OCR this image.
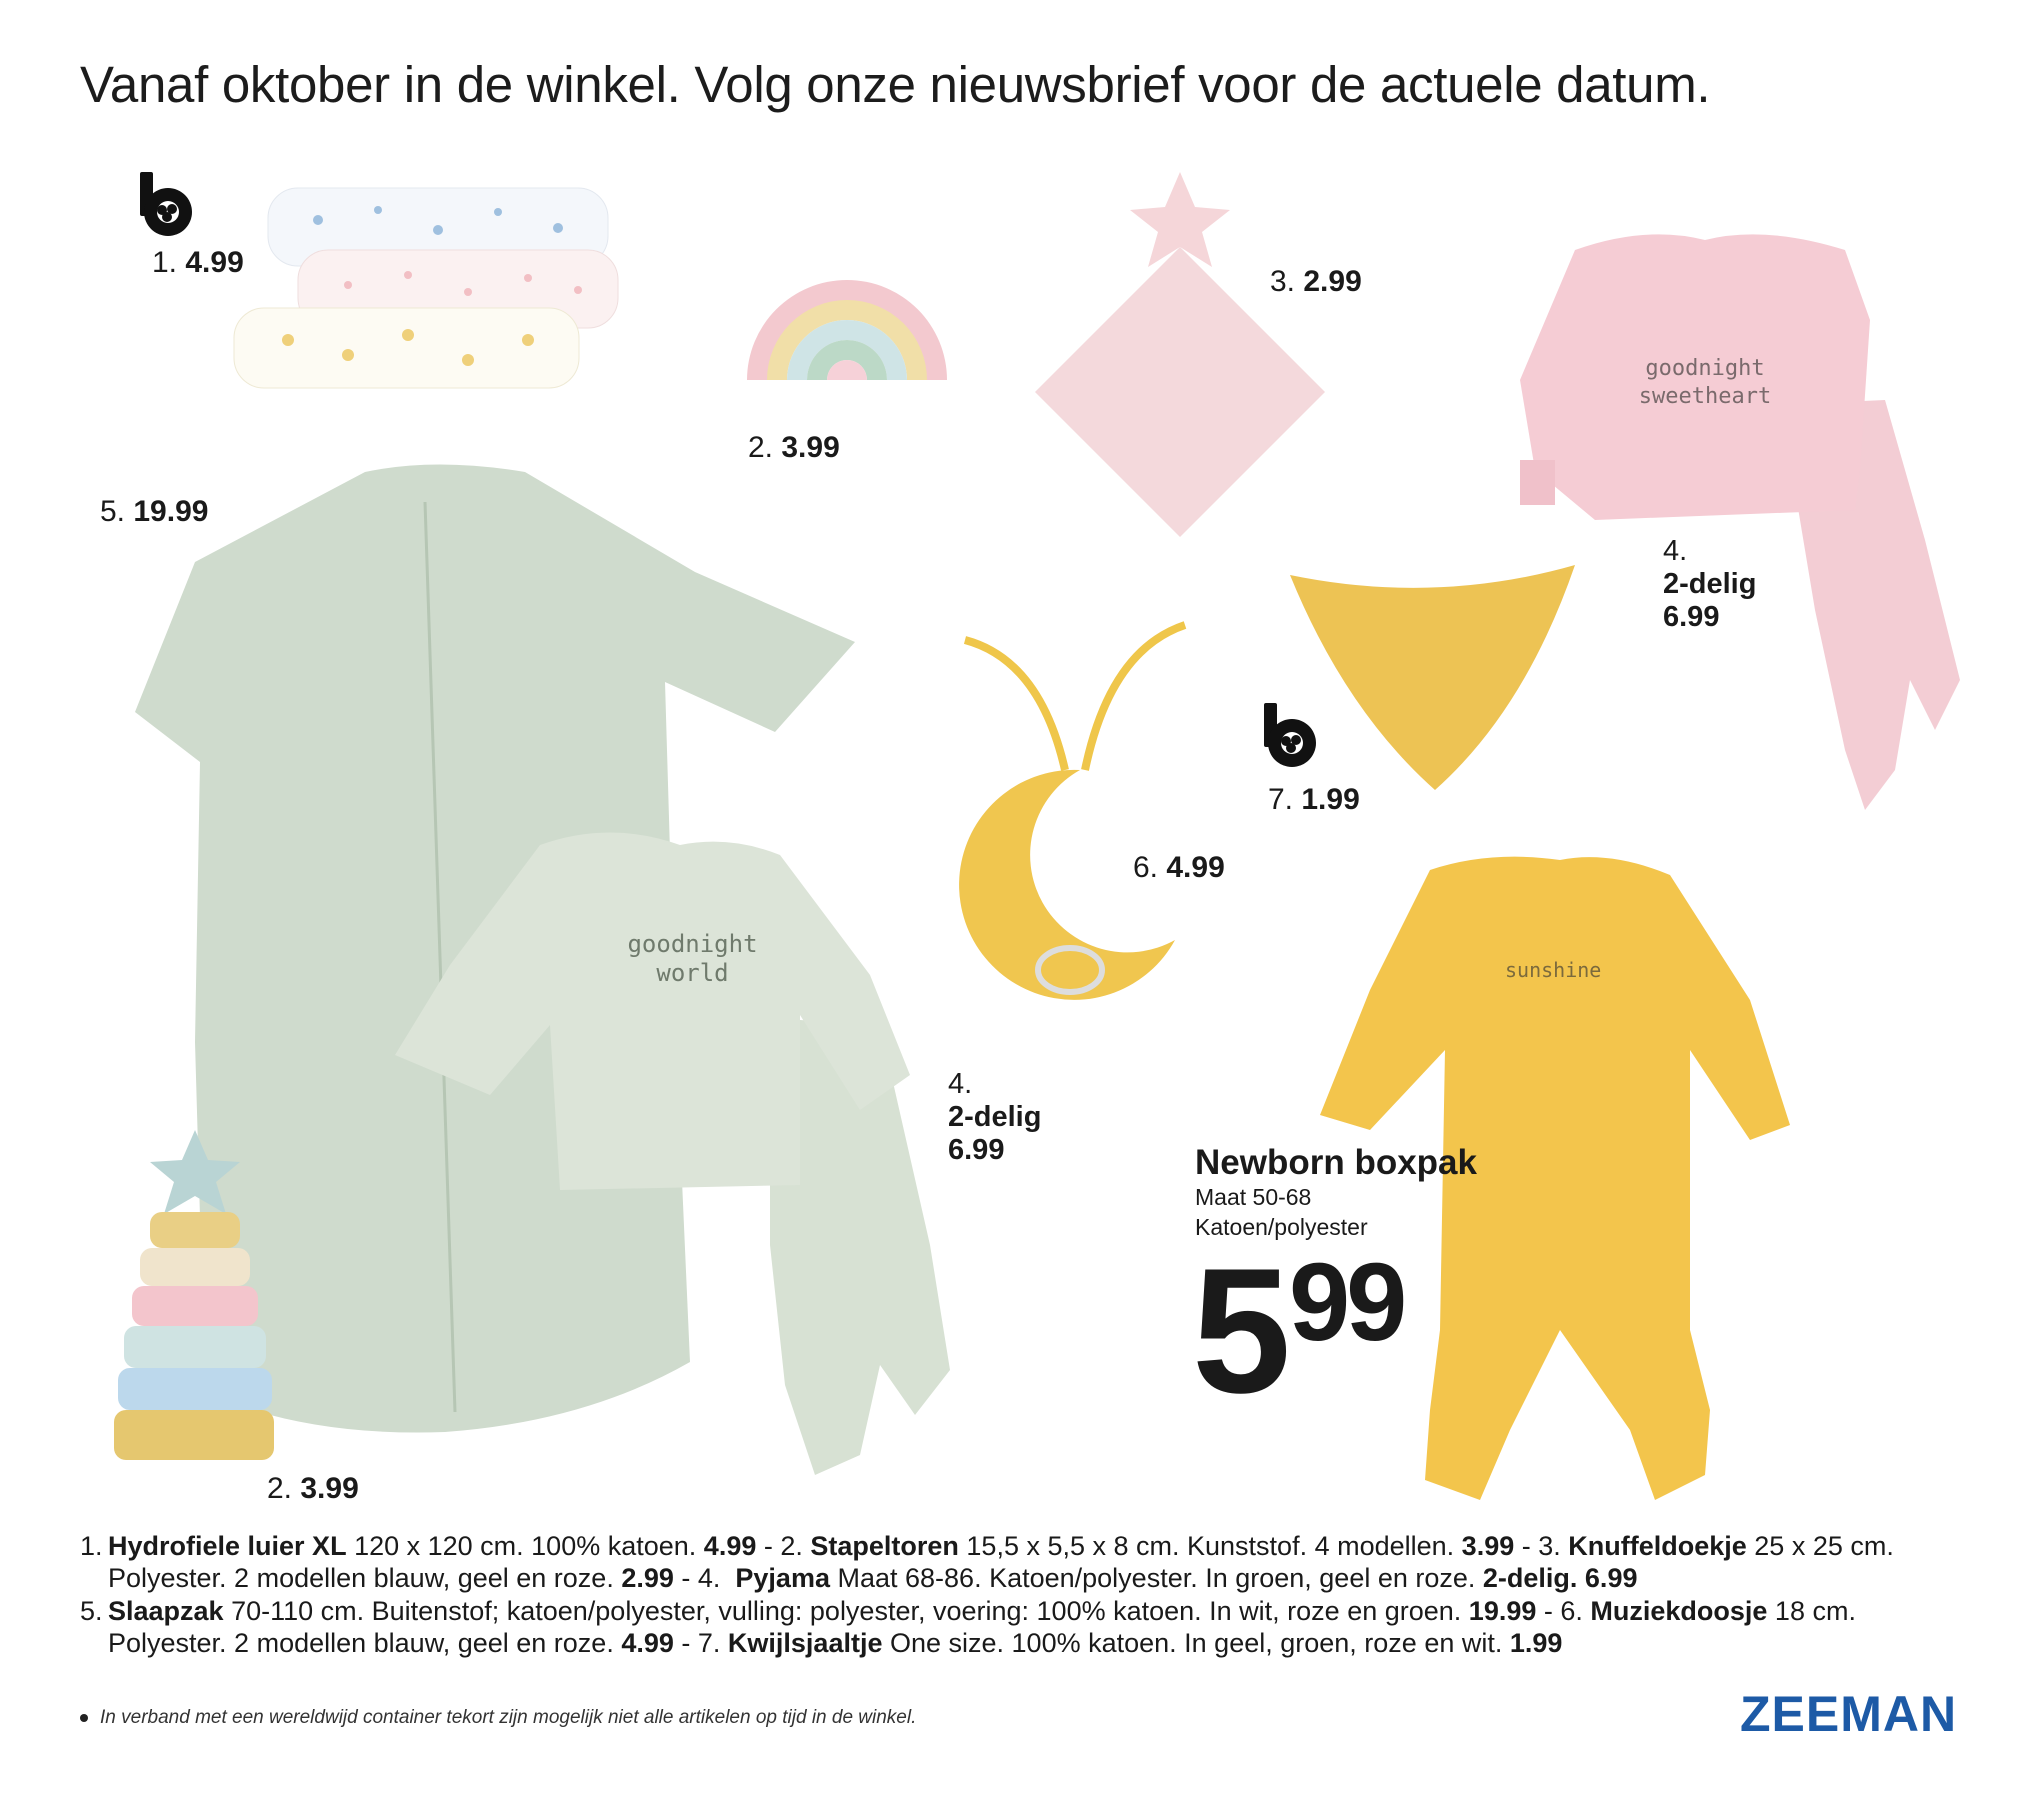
Vanaf oktober in de winkel. Volg onze nieuwsbrief voor de actuele datum.
goodnight
sweetheart
goodnight
world	sunshine
1. 4.99
2. 3.99
3. 2.99
4.
2-delig
6.99
5. 19.99
7. 1.99
6. 4.99
4.
2-delig
6.99
2. 3.99
Newborn boxpak
Maat 50-68
Katoen/polyester
5 99
1. Hydrofiele luier XL 120 x 120 cm. 100% katoen. 4.99 - 2. Stapeltoren 15,5 x 5,5 x 8 cm. Kunststof. 4 modellen. 3.99 - 3. Knuffeldoekje 25 x 25 cm.
Polyester. 2 modellen blauw, geel en roze. 2.99 - 4.  Pyjama Maat 68-86. Katoen/polyester. In groen, geel en roze. 2-delig. 6.99
5. Slaapzak 70-110 cm. Buitenstof; katoen/polyester, vulling: polyester, voering: 100% katoen. In wit, roze en groen. 19.99 - 6. Muziekdoosje 18 cm.
Polyester. 2 modellen blauw, geel en roze. 4.99 - 7. Kwijlsjaaltje One size. 100% katoen. In geel, groen, roze en wit. 1.99
In verband met een wereldwijd container tekort zijn mogelijk niet alle artikelen op tijd in de winkel.	ZEEMAN
